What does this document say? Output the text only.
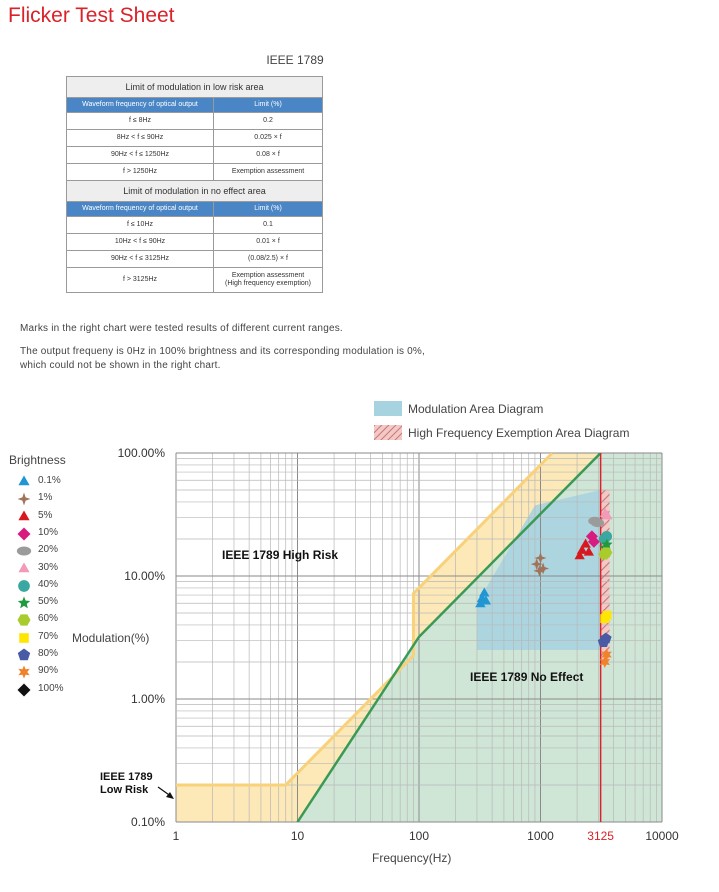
Flicker Test Sheet
IEEE 1789
Limit of modulation in low risk area	
Waveform frequency of optical output	Limit (%)
f ≤ 8Hz	0.2
8Hz < f ≤ 90Hz	0.025 × f
90Hz < f ≤ 1250Hz	0.08 × f
f > 1250Hz	Exemption assessment
Limit of modulation in no effect area	
Waveform frequency of optical output	Limit (%)
f ≤ 10Hz	0.1
10Hz < f ≤ 90Hz	0.01 × f
90Hz < f ≤ 3125Hz	(0.08/2.5) × f
f > 3125Hz	Exemption assessment
(High frequency exemption)
Marks in the right chart were tested results of different current ranges.
The output frequeny is 0Hz in 100% brightness and its corresponding modulation is 0%, which could not be shown in the right chart.
Modulation Area Diagram
High Frequency Exemption Area Diagram
Brightness
0.1%
1%
5%
10%
20%
30%
40%
50%
60%
70%
80%
90%
100%
1	10	100	1000	3125	10000
0.10%
1.00%
10.00%
100.00%
IEEE 1789 High Risk
IEEE 1789 No Effect
IEEE 1789
Low Risk
Modulation(%)
Frequency(Hz)
